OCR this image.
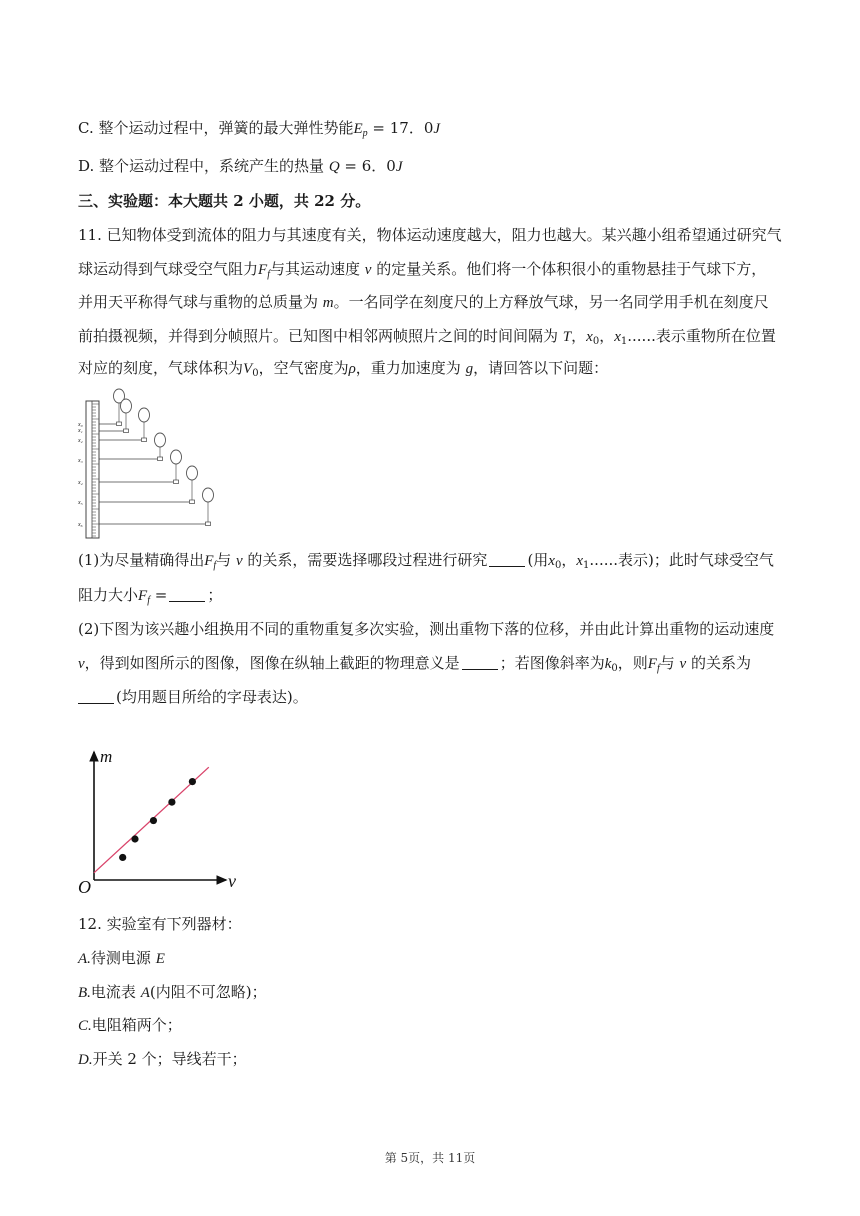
C. 整个运动过程中，弹簧的最大弹性势能$E_p = 17$．0J
D. 整个运动过程中，系统产生的热量 Q = 6．0J
三、实验题：本大题共 2 小题，共 22 分。
11. 已知物体受到流体的阻力与其速度有关，物体运动速度越大，阻力也越大。某兴趣小组希望通过研究气
球运动得到气球受空气阻力$F_f$与其运动速度 v 的定量关系。他们将一个体积很小的重物悬挂于气球下方，
并用天平称得气球与重物的总质量为 m。一名同学在刻度尺的上方释放气球，另一名同学用手机在刻度尺
前拍摄视频，并得到分帧照片。已知图中相邻两帧照片之间的时间间隔为 T，$x_0$，$x_1$......表示重物所在位置
对应的刻度，气球体积为$V_0$，空气密度为ρ，重力加速度为 g，请回答以下问题：
x₀
x₁
x₂
x₃
x₄
x₅
x₆
(1)为尽量精确得出$F_f$与 v 的关系，需要选择哪段过程进行研究	(用$x_0$，$x_1$......表示)；此时气球受空气
阻力大小$F_f$ =	；
(2)下图为该兴趣小组换用不同的重物重复多次实验，测出重物下落的位移，并由此计算出重物的运动速度
v，得到如图所示的图像，图像在纵轴上截距的物理意义是	；若图像斜率为$k_0$，则$F_f$与 v 的关系为
(均用题目所给的字母表达)。
m
v
O
12. 实验室有下列器材：
A.待测电源 E
B.电流表 A(内阻不可忽略)；
C.电阻箱两个；
D.开关 2 个；导线若干；
第 5页，共 11页
